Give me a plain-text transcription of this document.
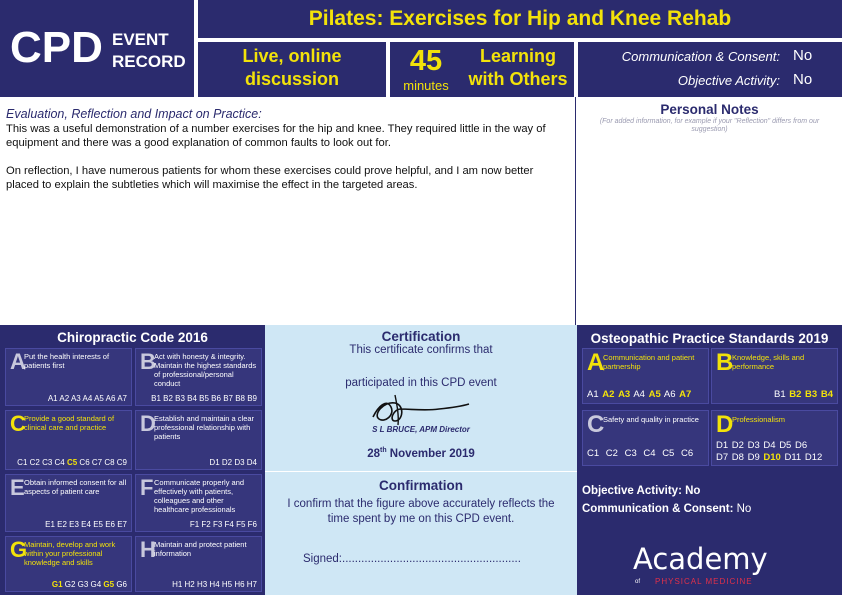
CPD EVENT
RECORD
Pilates: Exercises for Hip and Knee Rehab
Live, online
discussion
45
minutes
Learning
with Others
Communication & Consent: No
Objective Activity: No
Evaluation, Reflection and Impact on Practice:

This was a useful demonstration of a number exercises for the hip and knee. They required little in the way of equipment and there was a good explanation of common faults to look out for.

On reflection, I have numerous patients for whom these exercises could prove helpful, and I am now better placed to explain the subtleties which will maximise the effect in the targeted areas.

Personal Notes
(For added information, for example if your "Reflection" differs from our suggestion)
Chiropractic Code 2016
A
Put the health interests of patients first
A1 A2 A3 A4 A5 A6 A7
B
Act with honesty & integrity. Maintain the highest standards of professional/personal conduct
B1 B2 B3 B4 B5 B6 B7 B8 B9
C
Provide a good standard of clinical care and practice
C1 C2 C3 C4 C5 C6 C7 C8 C9
D
Establish and maintain a clear professional relationship with patients
D1 D2 D3 D4
E Obtain informed consent for all aspects of patient care
E1 E2 E3 E4 E5 E6 E7
F Communicate properly and effectively with patients, colleagues and other healthcare professionals
F1 F2 F3 F4 F5 F6
G
Maintain, develop and work within your professional knowledge and skills
G1 G2 G3 G4 G5 G6
H
Maintain and protect patient information
H1 H2 H3 H4 H5 H6 H7
Certification
This certificate confirms that
participated in this CPD event
S L BRUCE, APM Director
28th November 2019
Confirmation
I confirm that the figure above accurately reflects the time spent by me on this CPD event.
Signed:........................................................
Osteopathic Practice Standards 2019
A
Communication and patient partnership
A1 A2 A3 A4 A5 A6 A7
B
Knowledge, skills and performance
B1 B2 B3 B4
C
Safety and quality in practice
C1 C2 C3 C4 C5 C6
D
Professionalism
D1 D2 D3 D4 D5 D6
D7 D8 D9 D10 D11 D12
Objective Activity: No
Communication & Consent: No
Academy
of PHYSICAL MEDICINE
